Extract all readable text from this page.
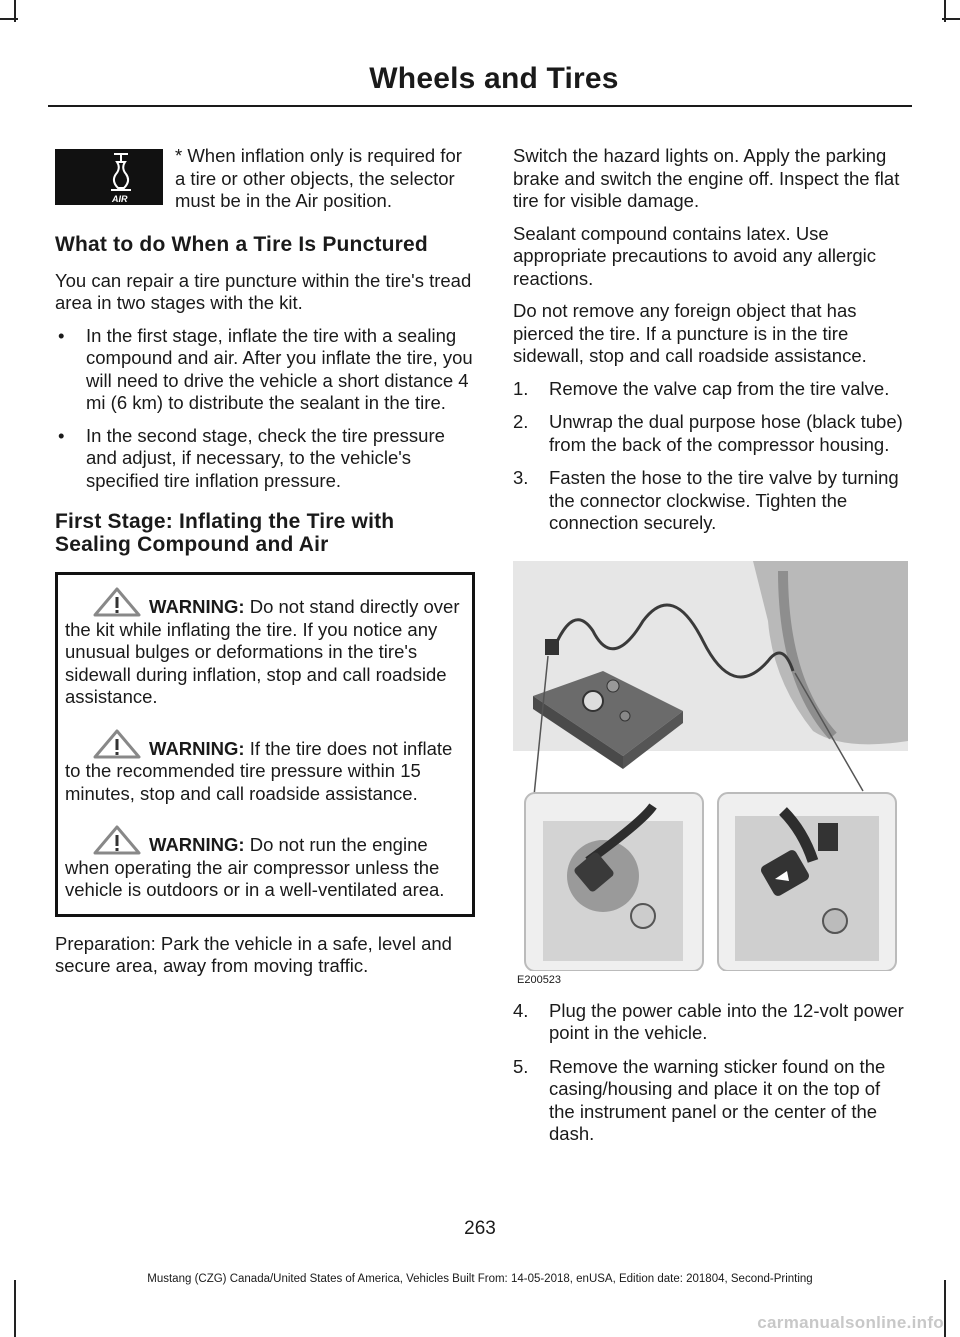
Wheels and Tires
AIR

* When inflation only is required for a tire or other objects, the selector must be in the Air position.

What to do When a Tire Is Punctured

You can repair a tire puncture within the tire's tread area in two stages with the kit.

• In the first stage, inflate the tire with a sealing compound and air. After you inflate the tire, you will need to drive the vehicle a short distance 4 mi (6 km) to distribute the sealant in the tire.
• In the second stage, check the tire pressure and adjust, if necessary, to the vehicle's specified tire inflation pressure.
First Stage: Inflating the Tire with Sealing Compound and Air
WARNING: Do not stand directly over the kit while inflating the tire. If you notice any unusual bulges or deformations in the tire's sidewall during inflation, stop and call roadside assistance.
WARNING: If the tire does not inflate to the recommended tire pressure within 15 minutes, stop and call roadside assistance.
WARNING: Do not run the engine when operating the air compressor unless the vehicle is outdoors or in a well-ventilated area.

Preparation: Park the vehicle in a safe, level and secure area, away from moving traffic.

Switch the hazard lights on. Apply the parking brake and switch the engine off. Inspect the flat tire for visible damage.

Sealant compound contains latex. Use appropriate precautions to avoid any allergic reactions.

Do not remove any foreign object that has pierced the tire. If a puncture is in the tire sidewall, stop and call roadside assistance.

1. Remove the valve cap from the tire valve.
2. Unwrap the dual purpose hose (black tube) from the back of the compressor housing.
3. Fasten the hose to the tire valve by turning the connector clockwise. Tighten the connection securely.
E200523
4. Plug the power cable into the 12-volt power point in the vehicle.
5. Remove the warning sticker found on the casing/housing and place it on the top of the instrument panel or the center of the dash.
263
Mustang (CZG) Canada/United States of America, Vehicles Built From: 14-05-2018, enUSA, Edition date: 201804, Second-Printing
carmanualsonline.info
